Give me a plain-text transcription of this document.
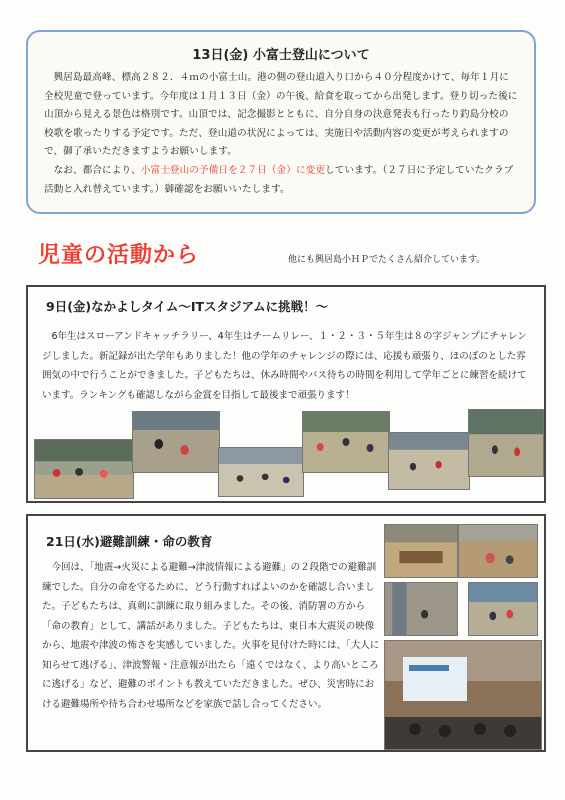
13日(金) 小富士登山について

興居島最高峰、標高２８２．４ｍの小富士山。港の側の登山道入り口から４０分程度かけて、毎年１月に全校児童で登っています。今年度は１月１３日（金）の午後、給食を取ってから出発します。登り切った後に山頂から見える景色は格別です。山頂では、記念撮影とともに、自分自身の決意発表も行ったり釣島分校の校歌を歌ったりする予定です。ただ、登山道の状況によっては、実施日や活動内容の変更が考えられますので、御了承いただきますようお願いします。

なお、都合により、小富士登山の予備日を２７日（金）に変更しています。（２７日に予定していたクラブ活動と入れ替えています。）御確認をお願いいたします。

児童の活動から	他にも興居島小ＨＰでたくさん紹介しています。
9日(金)なかよしタイム～ITスタジアムに挑戦！～
6年生はスローアンドキャッチラリー、4年生はチームリレー、１・２・３・５年生は８の字ジャンプにチャレンジしました。新記録が出た学年もありました！他の学年のチャレンジの際には、応援も頑張り、ほのぼのとした雰囲気の中で行うことができました。子どもたちは、休み時間やバス待ちの時間を利用して学年ごとに練習を続けています。ランキングも確認しながら金賞を目指して最後まで頑張ります！
21日(水)避難訓練・命の教育
今回は、「地震→火災による避難→津波情報による避難」の２段階での避難訓練でした。自分の命を守るために、どう行動すればよいのかを確認し合いました。子どもたちは、真剣に訓練に取り組みました。その後、消防署の方から「命の教育」として、講話がありました。子どもたちは、東日本大震災の映像から、地震や津波の怖さを実感していました。火事を見付けた時には、「大人に知らせて逃げる」、津波警報・注意報が出たら「遠くではなく、より高いところに逃げる」など、避難のポイントも教えていただきました。ぜひ、災害時における避難場所や待ち合わせ場所などを家族で話し合ってください。
